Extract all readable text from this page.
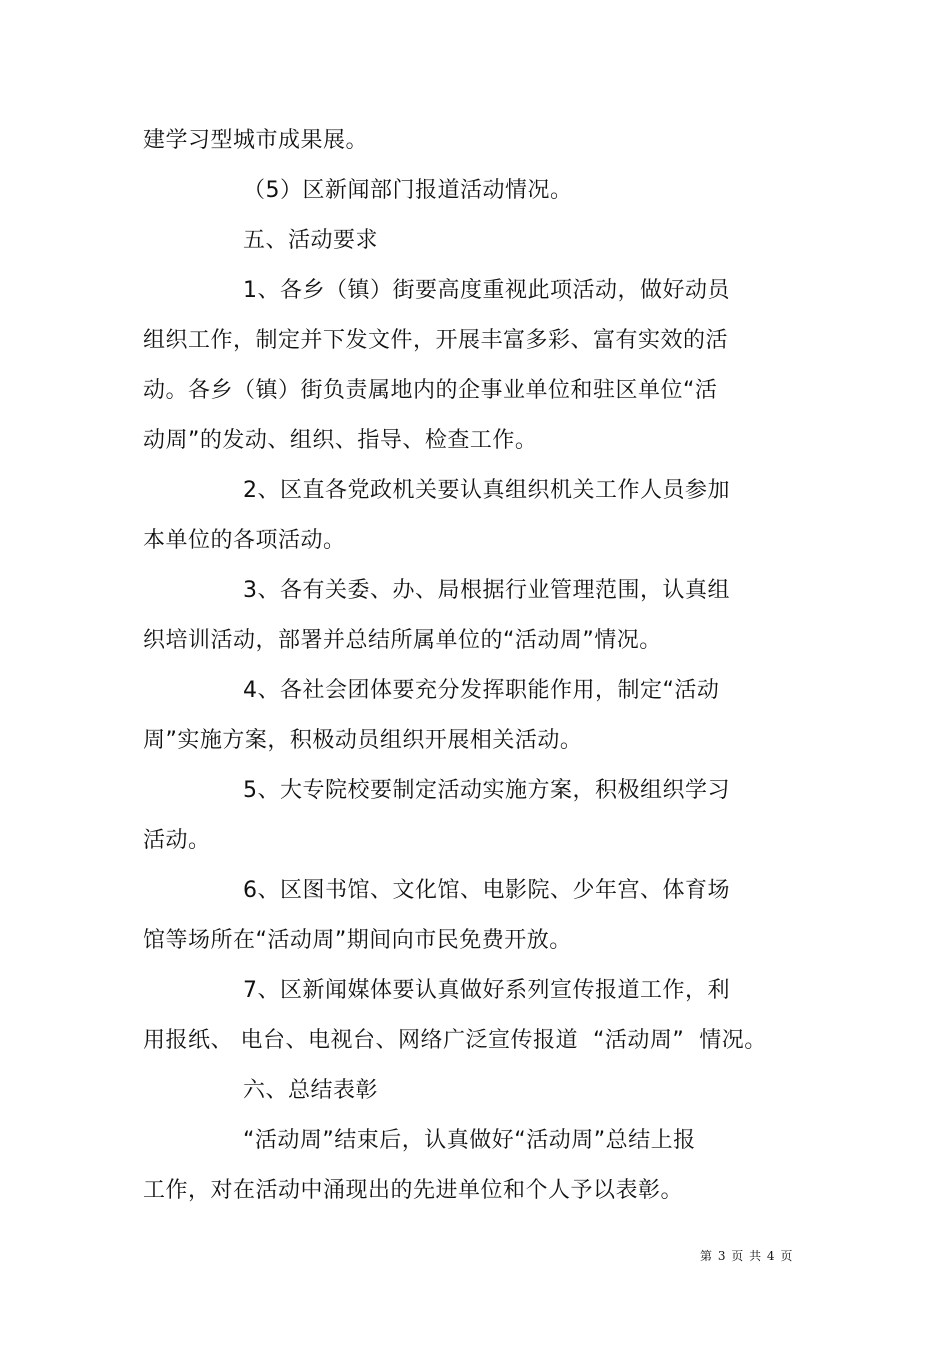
建学习型城市成果展。
（5）区新闻部门报道活动情况。
五、活动要求
1、各乡（镇）街要高度重视此项活动，做好动员
组织工作，制定并下发文件，开展丰富多彩、富有实效的活
动。各乡（镇）街负责属地内的企事业单位和驻区单位“活
动周”的发动、组织、指导、检查工作。
2、区直各党政机关要认真组织机关工作人员参加
本单位的各项活动。
3、各有关委、办、局根据行业管理范围，认真组
织培训活动，部署并总结所属单位的“活动周”情况。
4、各社会团体要充分发挥职能作用，制定“活动
周”实施方案，积极动员组织开展相关活动。
5、大专院校要制定活动实施方案，积极组织学习
活动。
6、区图书馆、文化馆、电影院、少年宫、体育场
馆等场所在“活动周”期间向市民免费开放。
7、区新闻媒体要认真做好系列宣传报道工作，利
用报纸、 电台、电视台、网络广泛宣传报道  “活动周”  情况。
六、总结表彰
“活动周”结束后，认真做好“活动周”总结上报
工作，对在活动中涌现出的先进单位和个人予以表彰。
第 3 页 共 4 页
